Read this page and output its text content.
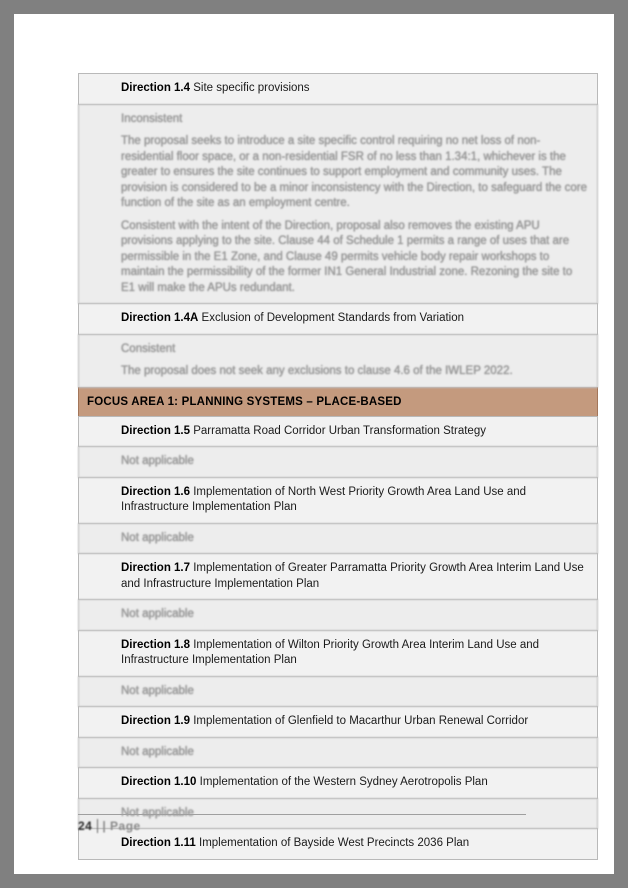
Direction 1.4 Site specific provisions

Inconsistent

The proposal seeks to introduce a site specific control requiring no net loss of non-residential floor space, or a non-residential FSR of no less than 1.34:1, whichever is the greater to ensures the site continues to support employment and community uses. The provision is considered to be a minor inconsistency with the Direction, to safeguard the core function of the site as an employment centre.

Consistent with the intent of the Direction, proposal also removes the existing APU provisions applying to the site. Clause 44 of Schedule 1 permits a range of uses that are permissible in the E1 Zone, and Clause 49 permits vehicle body repair workshops to maintain the permissibility of the former IN1 General Industrial zone. Rezoning the site to E1 will make the APUs redundant.

Direction 1.4A Exclusion of Development Standards from Variation

Consistent

The proposal does not seek any exclusions to clause 4.6 of the IWLEP 2022.

FOCUS AREA 1: PLANNING SYSTEMS – PLACE-BASED
Direction 1.5 Parramatta Road Corridor Urban Transformation Strategy

Not applicable

Direction 1.6 Implementation of North West Priority Growth Area Land Use and Infrastructure Implementation Plan

Not applicable

Direction 1.7 Implementation of Greater Parramatta Priority Growth Area Interim Land Use and Infrastructure Implementation Plan

Not applicable

Direction 1.8 Implementation of Wilton Priority Growth Area Interim Land Use and Infrastructure Implementation Plan

Not applicable

Direction 1.9 Implementation of Glenfield to Macarthur Urban Renewal Corridor

Not applicable

Direction 1.10 Implementation of the Western Sydney Aerotropolis Plan

Not applicable

Direction 1.11 Implementation of Bayside West Precincts 2036 Plan
24 | Page
